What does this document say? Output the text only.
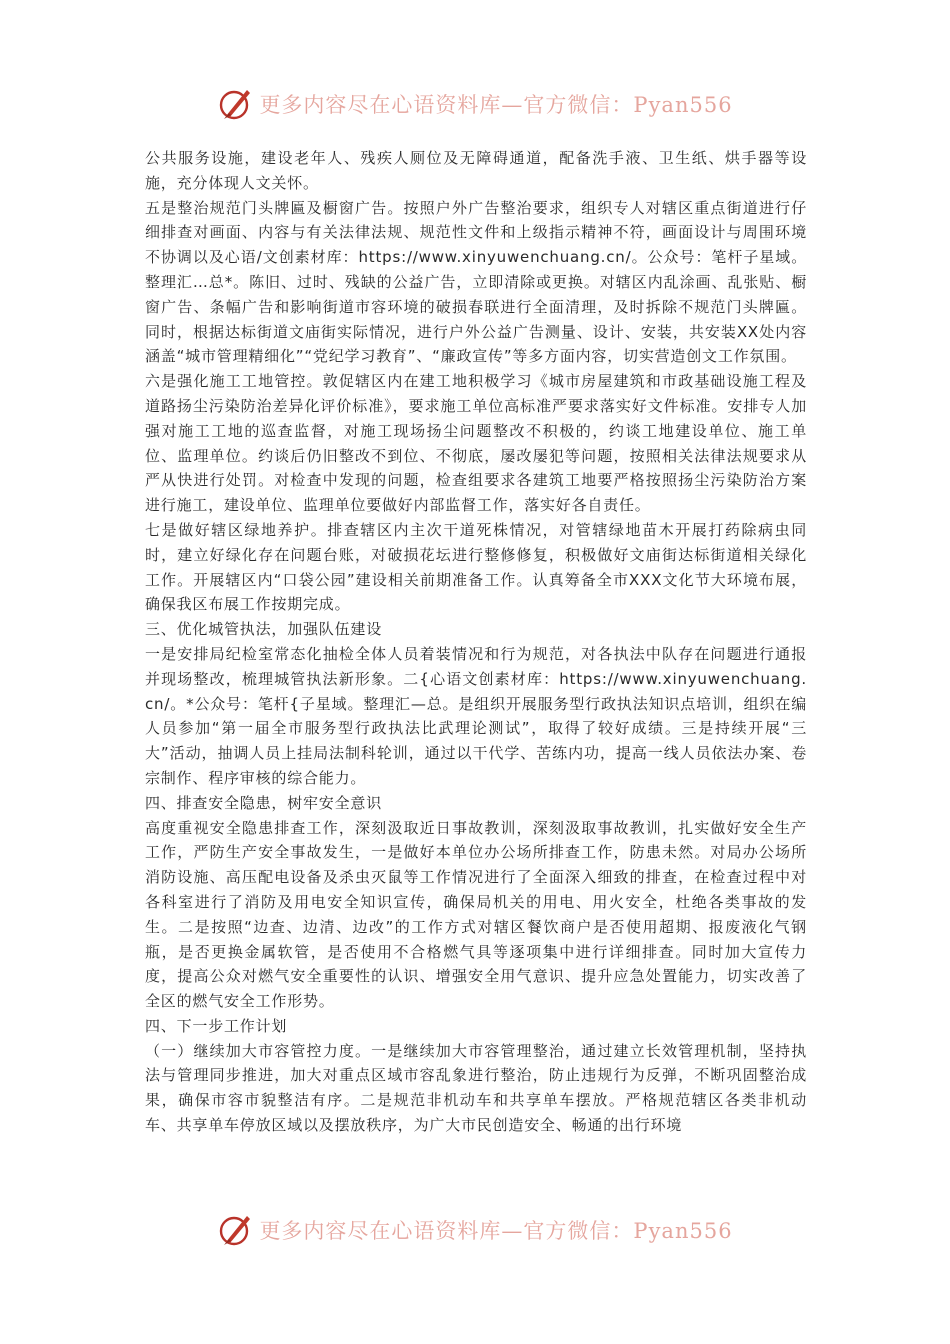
更多内容尽在心语资料库—官方微信：Pyan556

公共服务设施，建设老年人、残疾人厕位及无障碍通道，配备洗手液、卫生纸、烘手器等设施，充分体现人文关怀。

五是整治规范门头牌匾及橱窗广告。按照户外广告整治要求，组织专人对辖区重点街道进行仔细排查对画面、内容与有关法律法规、规范性文件和上级指示精神不符，画面设计与周围环境不协调以及心语/文创素材库：https://www.xinyuwenchuang.cn/。公众号：笔杆子星域。整理汇…总*。陈旧、过时、残缺的公益广告，立即清除或更换。对辖区内乱涂画、乱张贴、橱窗广告、条幅广告和影响街道市容环境的破损春联进行全面清理，及时拆除不规范门头牌匾。同时，根据达标街道文庙街实际情况，进行户外公益广告测量、设计、安装，共安装XX处内容涵盖“城市管理精细化”“党纪学习教育”、“廉政宣传”等多方面内容，切实营造创文工作氛围。

六是强化施工工地管控。敦促辖区内在建工地积极学习《城市房屋建筑和市政基础设施工程及道路扬尘污染防治差异化评价标准》，要求施工单位高标准严要求落实好文件标准。安排专人加强对施工工地的巡查监督，对施工现场扬尘问题整改不积极的，约谈工地建设单位、施工单位、监理单位。约谈后仍旧整改不到位、不彻底，屡改屡犯等问题，按照相关法律法规要求从严从快进行处罚。对检查中发现的问题，检查组要求各建筑工地要严格按照扬尘污染防治方案进行施工，建设单位、监理单位要做好内部监督工作，落实好各自责任。

七是做好辖区绿地养护。排查辖区内主次干道死株情况，对管辖绿地苗木开展打药除病虫同时，建立好绿化存在问题台账，对破损花坛进行整修修复，积极做好文庙街达标街道相关绿化工作。开展辖区内“口袋公园”建设相关前期准备工作。认真筹备全市XXX文化节大环境布展，确保我区布展工作按期完成。

三、优化城管执法，加强队伍建设

一是安排局纪检室常态化抽检全体人员着装情况和行为规范，对各执法中队存在问题进行通报并现场整改，梳理城管执法新形象。二{心语文创素材库：https://www.xinyuwenchuang.cn/。*公众号：笔杆{子星域。整理汇—总。是组织开展服务型行政执法知识点培训，组织在编人员参加“第一届全市服务型行政执法比武理论测试”，取得了较好成绩。三是持续开展“三大”活动，抽调人员上挂局法制科轮训，通过以干代学、苦练内功，提高一线人员依法办案、卷宗制作、程序审核的综合能力。

四、排查安全隐患，树牢安全意识

高度重视安全隐患排查工作，深刻汲取近日事故教训，深刻汲取事故教训，扎实做好安全生产工作，严防生产安全事故发生，一是做好本单位办公场所排查工作，防患未然。对局办公场所消防设施、高压配电设备及杀虫灭鼠等工作情况进行了全面深入细致的排查，在检查过程中对各科室进行了消防及用电安全知识宣传，确保局机关的用电、用火安全，杜绝各类事故的发生。二是按照“边查、边清、边改”的工作方式对辖区餐饮商户是否使用超期、报废液化气钢瓶，是否更换金属软管，是否使用不合格燃气具等逐项集中进行详细排查。同时加大宣传力度，提高公众对燃气安全重要性的认识、增强安全用气意识、提升应急处置能力，切实改善了全区的燃气安全工作形势。

四、下一步工作计划

（一）继续加大市容管控力度。一是继续加大市容管理整治，通过建立长效管理机制，坚持执法与管理同步推进，加大对重点区域市容乱象进行整治，防止违规行为反弹，不断巩固整治成果，确保市容市貌整洁有序。二是规范非机动车和共享单车摆放。严格规范辖区各类非机动车、共享单车停放区域以及摆放秩序，为广大市民创造安全、畅通的出行环境

更多内容尽在心语资料库—官方微信：Pyan556
